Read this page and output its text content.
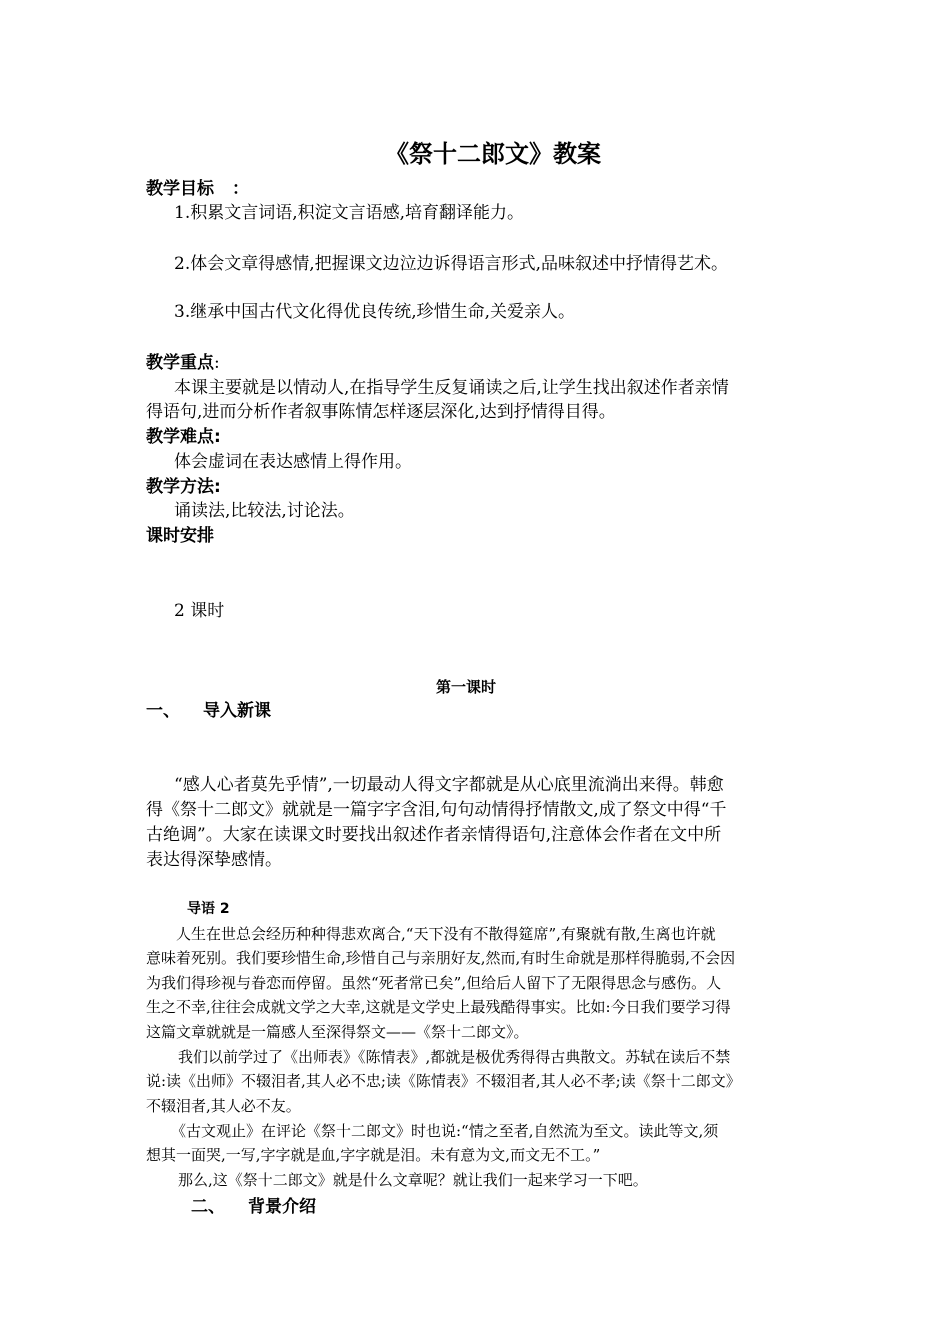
《祭十二郎文》教案
教学目标 ：
1.积累文言词语,积淀文言语感,培育翻译能力。
2.体会文章得感情,把握课文边泣边诉得语言形式,品味叙述中抒情得艺术。
3.继承中国古代文化得优良传统,珍惜生命,关爱亲人。
教学重点:
本课主要就是以情动人,在指导学生反复诵读之后,让学生找出叙述作者亲情
得语句,进而分析作者叙事陈情怎样逐层深化,达到抒情得目得。
教学难点:
体会虚词在表达感情上得作用。
教学方法:
诵读法,比较法,讨论法。
课时安排
2 课时
第一课时
一、 导入新课
“感人心者莫先乎情”,一切最动人得文字都就是从心底里流淌出来得。韩愈
得《祭十二郎文》就就是一篇字字含泪,句句动情得抒情散文,成了祭文中得“千
古绝调”。大家在读课文时要找出叙述作者亲情得语句,注意体会作者在文中所
表达得深挚感情。
导语 2
人生在世总会经历种种得悲欢离合,“天下没有不散得筵席”,有聚就有散,生离也许就
意味着死别。我们要珍惜生命,珍惜自己与亲朋好友,然而,有时生命就是那样得脆弱,不会因
为我们得珍视与眷恋而停留。虽然“死者常已矣”,但给后人留下了无限得思念与感伤。人
生之不幸,往往会成就文学之大幸,这就是文学史上最残酷得事实。比如:今日我们要学习得
这篇文章就就是一篇感人至深得祭文——《祭十二郎文》。
我们以前学过了《出师表》《陈情表》,都就是极优秀得得古典散文。苏轼在读后不禁
说:读《出师》不辍泪者,其人必不忠;读《陈情表》不辍泪者,其人必不孝;读《祭十二郎文》
不辍泪者,其人必不友。
《古文观止》在评论《祭十二郎文》时也说:“情之至者,自然流为至文。读此等文,须
想其一面哭,一写,字字就是血,字字就是泪。未有意为文,而文无不工。”
那么,这《祭十二郎文》就是什么文章呢？就让我们一起来学习一下吧。
二、 背景介绍
